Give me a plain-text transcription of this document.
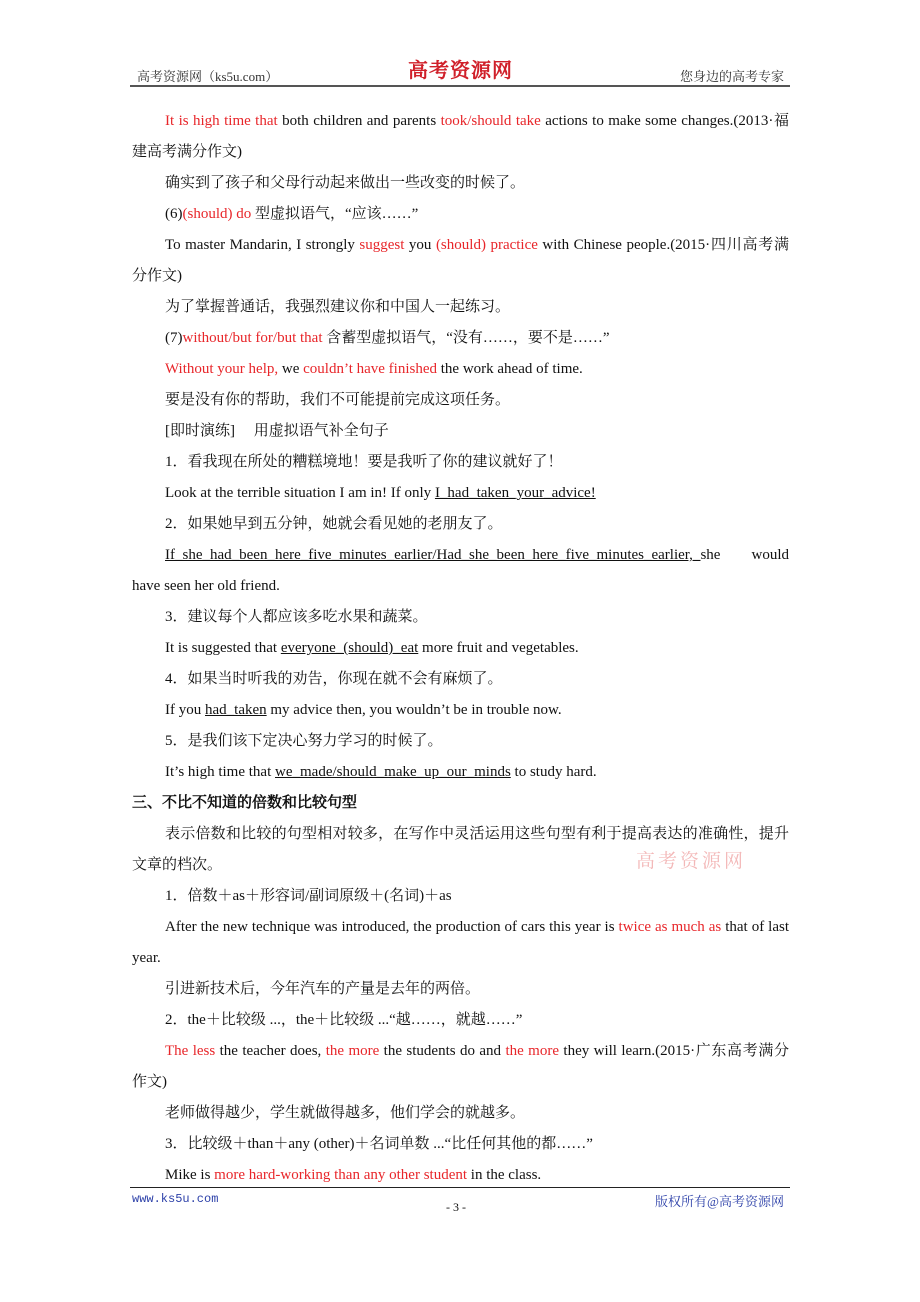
高考资源网（ks5u.com）	高考资源网	您身边的高考专家

It is high time that both children and parents took/should take actions to make some changes.(2013·福建高考满分作文)

确实到了孩子和父母行动起来做出一些改变的时候了。

(6)(should) do 型虚拟语气，“应该……”

To master Mandarin, I strongly suggest you (should) practice with Chinese people.(2015·四川高考满分作文)

为了掌握普通话，我强烈建议你和中国人一起练习。

(7)without/but for/but that 含蓄型虚拟语气，“没有……，要不是……”

Without your help, we couldn’t have finished the work ahead of time.

要是没有你的帮助，我们不可能提前完成这项任务。

[即时演练]　 用虚拟语气补全句子

1．看我现在所处的糟糕境地！要是我听了你的建议就好了！

Look at the terrible situation I am in! If only I_had_taken_your_advice!

2．如果她早到五分钟，她就会看见她的老朋友了。

If_she_had_been_here_five_minutes_earlier/Had_she_been_here_five_minutes_earlier,_she would have seen her old friend.

3．建议每个人都应该多吃水果和蔬菜。

It is suggested that everyone_(should)_eat more fruit and vegetables.

4．如果当时听我的劝告，你现在就不会有麻烦了。

If you had_taken my advice then, you wouldn’t be in trouble now.

5．是我们该下定决心努力学习的时候了。

It’s high time that we_made/should_make_up_our_minds to study hard.

三、不比不知道的倍数和比较句型

表示倍数和比较的句型相对较多，在写作中灵活运用这些句型有利于提高表达的准确性，提升文章的档次。

1．倍数＋as＋形容词/副词原级＋(名词)＋as

After the new technique was introduced, the production of cars this year is twice as much as that of last year.

引进新技术后，今年汽车的产量是去年的两倍。

2．the＋比较级 ...，the＋比较级 ...“越……，就越……”

The less the teacher does, the more the students do and the more they will learn.(2015·广东高考满分作文)

老师做得越少，学生就做得越多，他们学会的就越多。

3．比较级＋than＋any (other)＋名词单数 ...“比任何其他的都……”

Mike is more hard-working than any other student in the class.

高考资源网
www.ks5u.com
- 3 -	版权所有@高考资源网
